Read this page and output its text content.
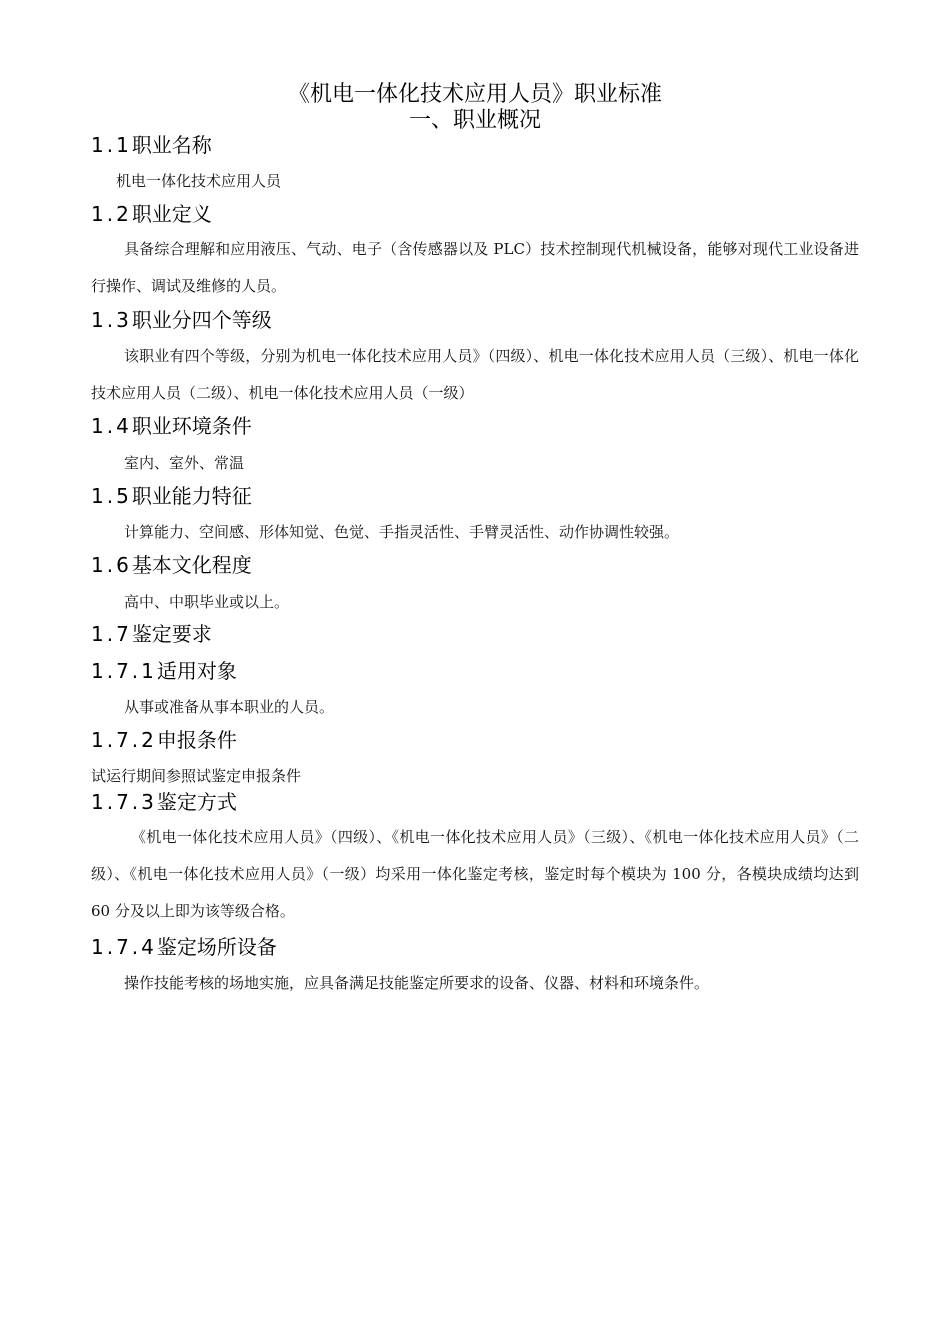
《机电一体化技术应用人员》职业标准
一、职业概况
1.1职业名称
机电一体化技术应用人员
1.2职业定义
具备综合理解和应用液压、气动、电子（含传感器以及 PLC）技术控制现代机械设备，能够对现代工业设备进行操作、调试及维修的人员。
1.3职业分四个等级
该职业有四个等级，分别为机电一体化技术应用人员》（四级）、机电一体化技术应用人员（三级）、机电一体化技术应用人员（二级）、机电一体化技术应用人员（一级）
1.4职业环境条件
室内、室外、常温
1.5职业能力特征
计算能力、空间感、形体知觉、色觉、手指灵活性、手臂灵活性、动作协调性较强。
1.6基本文化程度
高中、中职毕业或以上。
1.7鉴定要求
1.7.1适用对象
从事或准备从事本职业的人员。
1.7.2申报条件
试运行期间参照试鉴定申报条件
1.7.3鉴定方式
《机电一体化技术应用人员》（四级）、《机电一体化技术应用人员》（三级）、《机电一体化技术应用人员》（二级）、《机电一体化技术应用人员》（一级）均采用一体化鉴定考核，鉴定时每个模块为 100 分，各模块成绩均达到 60 分及以上即为该等级合格。
1.7.4鉴定场所设备
操作技能考核的场地实施，应具备满足技能鉴定所要求的设备、仪器、材料和环境条件。
